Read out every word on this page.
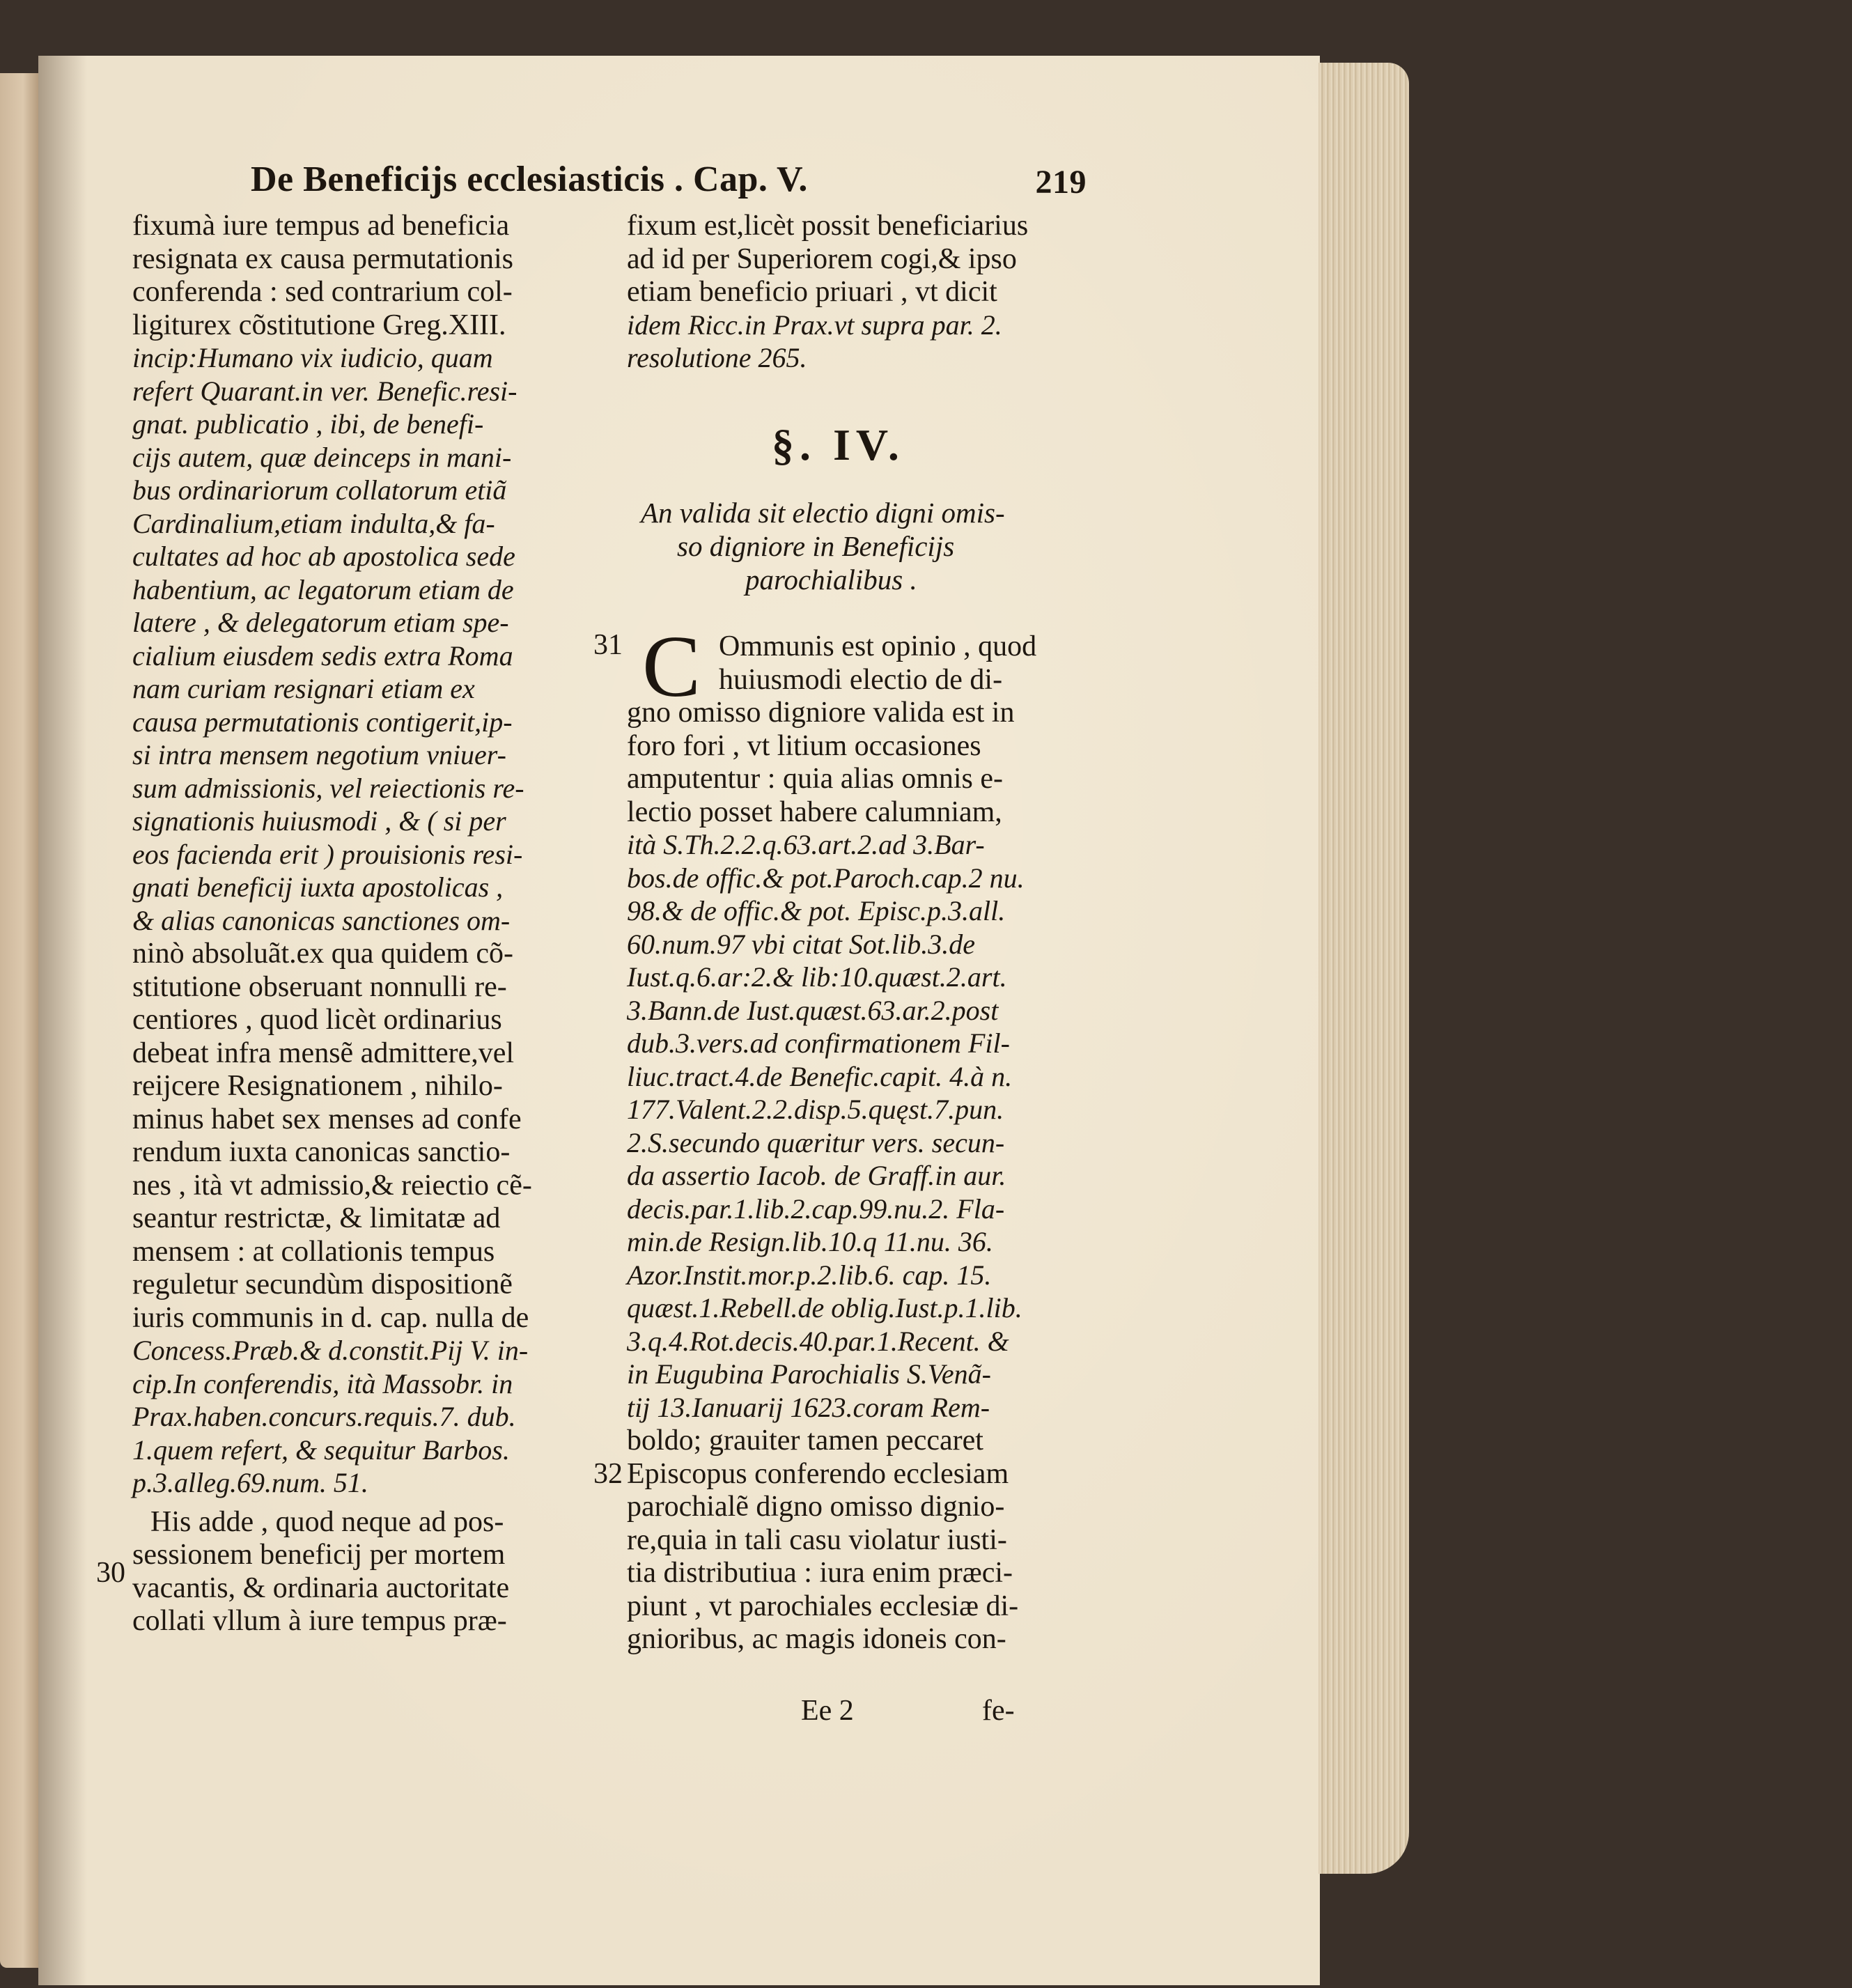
De Beneficijs ecclesiasticis . Cap. V.	219
fixumà iure tempus ad beneficia
resignata ex causa permutationis
conferenda : sed contrarium col-
ligiturex cõstitutione Greg.XIII.
incip:Humano vix iudicio, quam
refert Quarant.in ver. Benefic.resi-
gnat. publicatio , ibi, de benefi-
cijs autem, quæ deinceps in mani-
bus ordinariorum collatorum etiã
Cardinalium,etiam indulta,& fa-
cultates ad hoc ab apostolica sede
habentium, ac legatorum etiam de
latere , & delegatorum etiam spe-
cialium eiusdem sedis extra Roma
nam curiam resignari etiam ex
causa permutationis contigerit,ip-
si intra mensem negotium vniuer-
sum admissionis, vel reiectionis re-
signationis huiusmodi , & ( si per
eos facienda erit ) prouisionis resi-
gnati beneficij iuxta apostolicas ,
& alias canonicas sanctiones om-
ninò absoluãt.ex qua quidem cõ-
stitutione obseruant nonnulli re-
centiores , quod licèt ordinarius
debeat infra mensẽ admittere,vel
reijcere Resignationem , nihilo-
minus habet sex menses ad confe
rendum iuxta canonicas sanctio-
nes , ità vt admissio,& reiectio cẽ-
seantur restrictæ, & limitatæ ad
mensem : at collationis tempus
reguletur secundùm dispositionẽ
iuris communis in d. cap. nulla de
Concess.Præb.& d.constit.Pij V. in-
cip.In conferendis, ità Massobr. in
Prax.haben.concurs.requis.7. dub.
1.quem refert, & sequitur Barbos.
p.3.alleg.69.num. 51.
His adde , quod neque ad pos-
sessionem beneficij per mortem
vacantis, & ordinaria auctoritate
collati vllum à iure tempus præ-
fixum est,licèt possit beneficiarius
ad id per Superiorem cogi,& ipso
etiam beneficio priuari , vt dicit
idem Ricc.in Prax.vt supra par. 2.
resolutione 265.
§. IV.
An valida sit electio digni omis-
so digniore in Beneficijs
parochialibus .
C Ommunis est opinio , quod
huiusmodi electio de di-
gno omisso digniore valida est in
foro fori , vt litium occasiones
amputentur : quia alias omnis e-
lectio posset habere calumniam,
ità S.Th.2.2.q.63.art.2.ad 3.Bar-
bos.de offic.& pot.Paroch.cap.2 nu.
98.& de offic.& pot. Episc.p.3.all.
60.num.97 vbi citat Sot.lib.3.de
Iust.q.6.ar:2.& lib:10.quæst.2.art.
3.Bann.de Iust.quæst.63.ar.2.post
dub.3.vers.ad confirmationem Fil-
liuc.tract.4.de Benefic.capit. 4.à n.
177.Valent.2.2.disp.5.quęst.7.pun.
2.S.secundo quæritur vers. secun-
da assertio Iacob. de Graff.in aur.
decis.par.1.lib.2.cap.99.nu.2. Fla-
min.de Resign.lib.10.q 11.nu. 36.
Azor.Instit.mor.p.2.lib.6. cap. 15.
quæst.1.Rebell.de oblig.Iust.p.1.lib.
3.q.4.Rot.decis.40.par.1.Recent. &
in Eugubina Parochialis S.Venã-
tij 13.Ianuarij 1623.coram Rem-
boldo; grauiter tamen peccaret
Episcopus conferendo ecclesiam
parochialẽ digno omisso dignio-
re,quia in tali casu violatur iusti-
tia distributiua : iura enim præci-
piunt , vt parochiales ecclesiæ di-
gnioribus, ac magis idoneis con-
30
31
32
Ee 2	fe-
